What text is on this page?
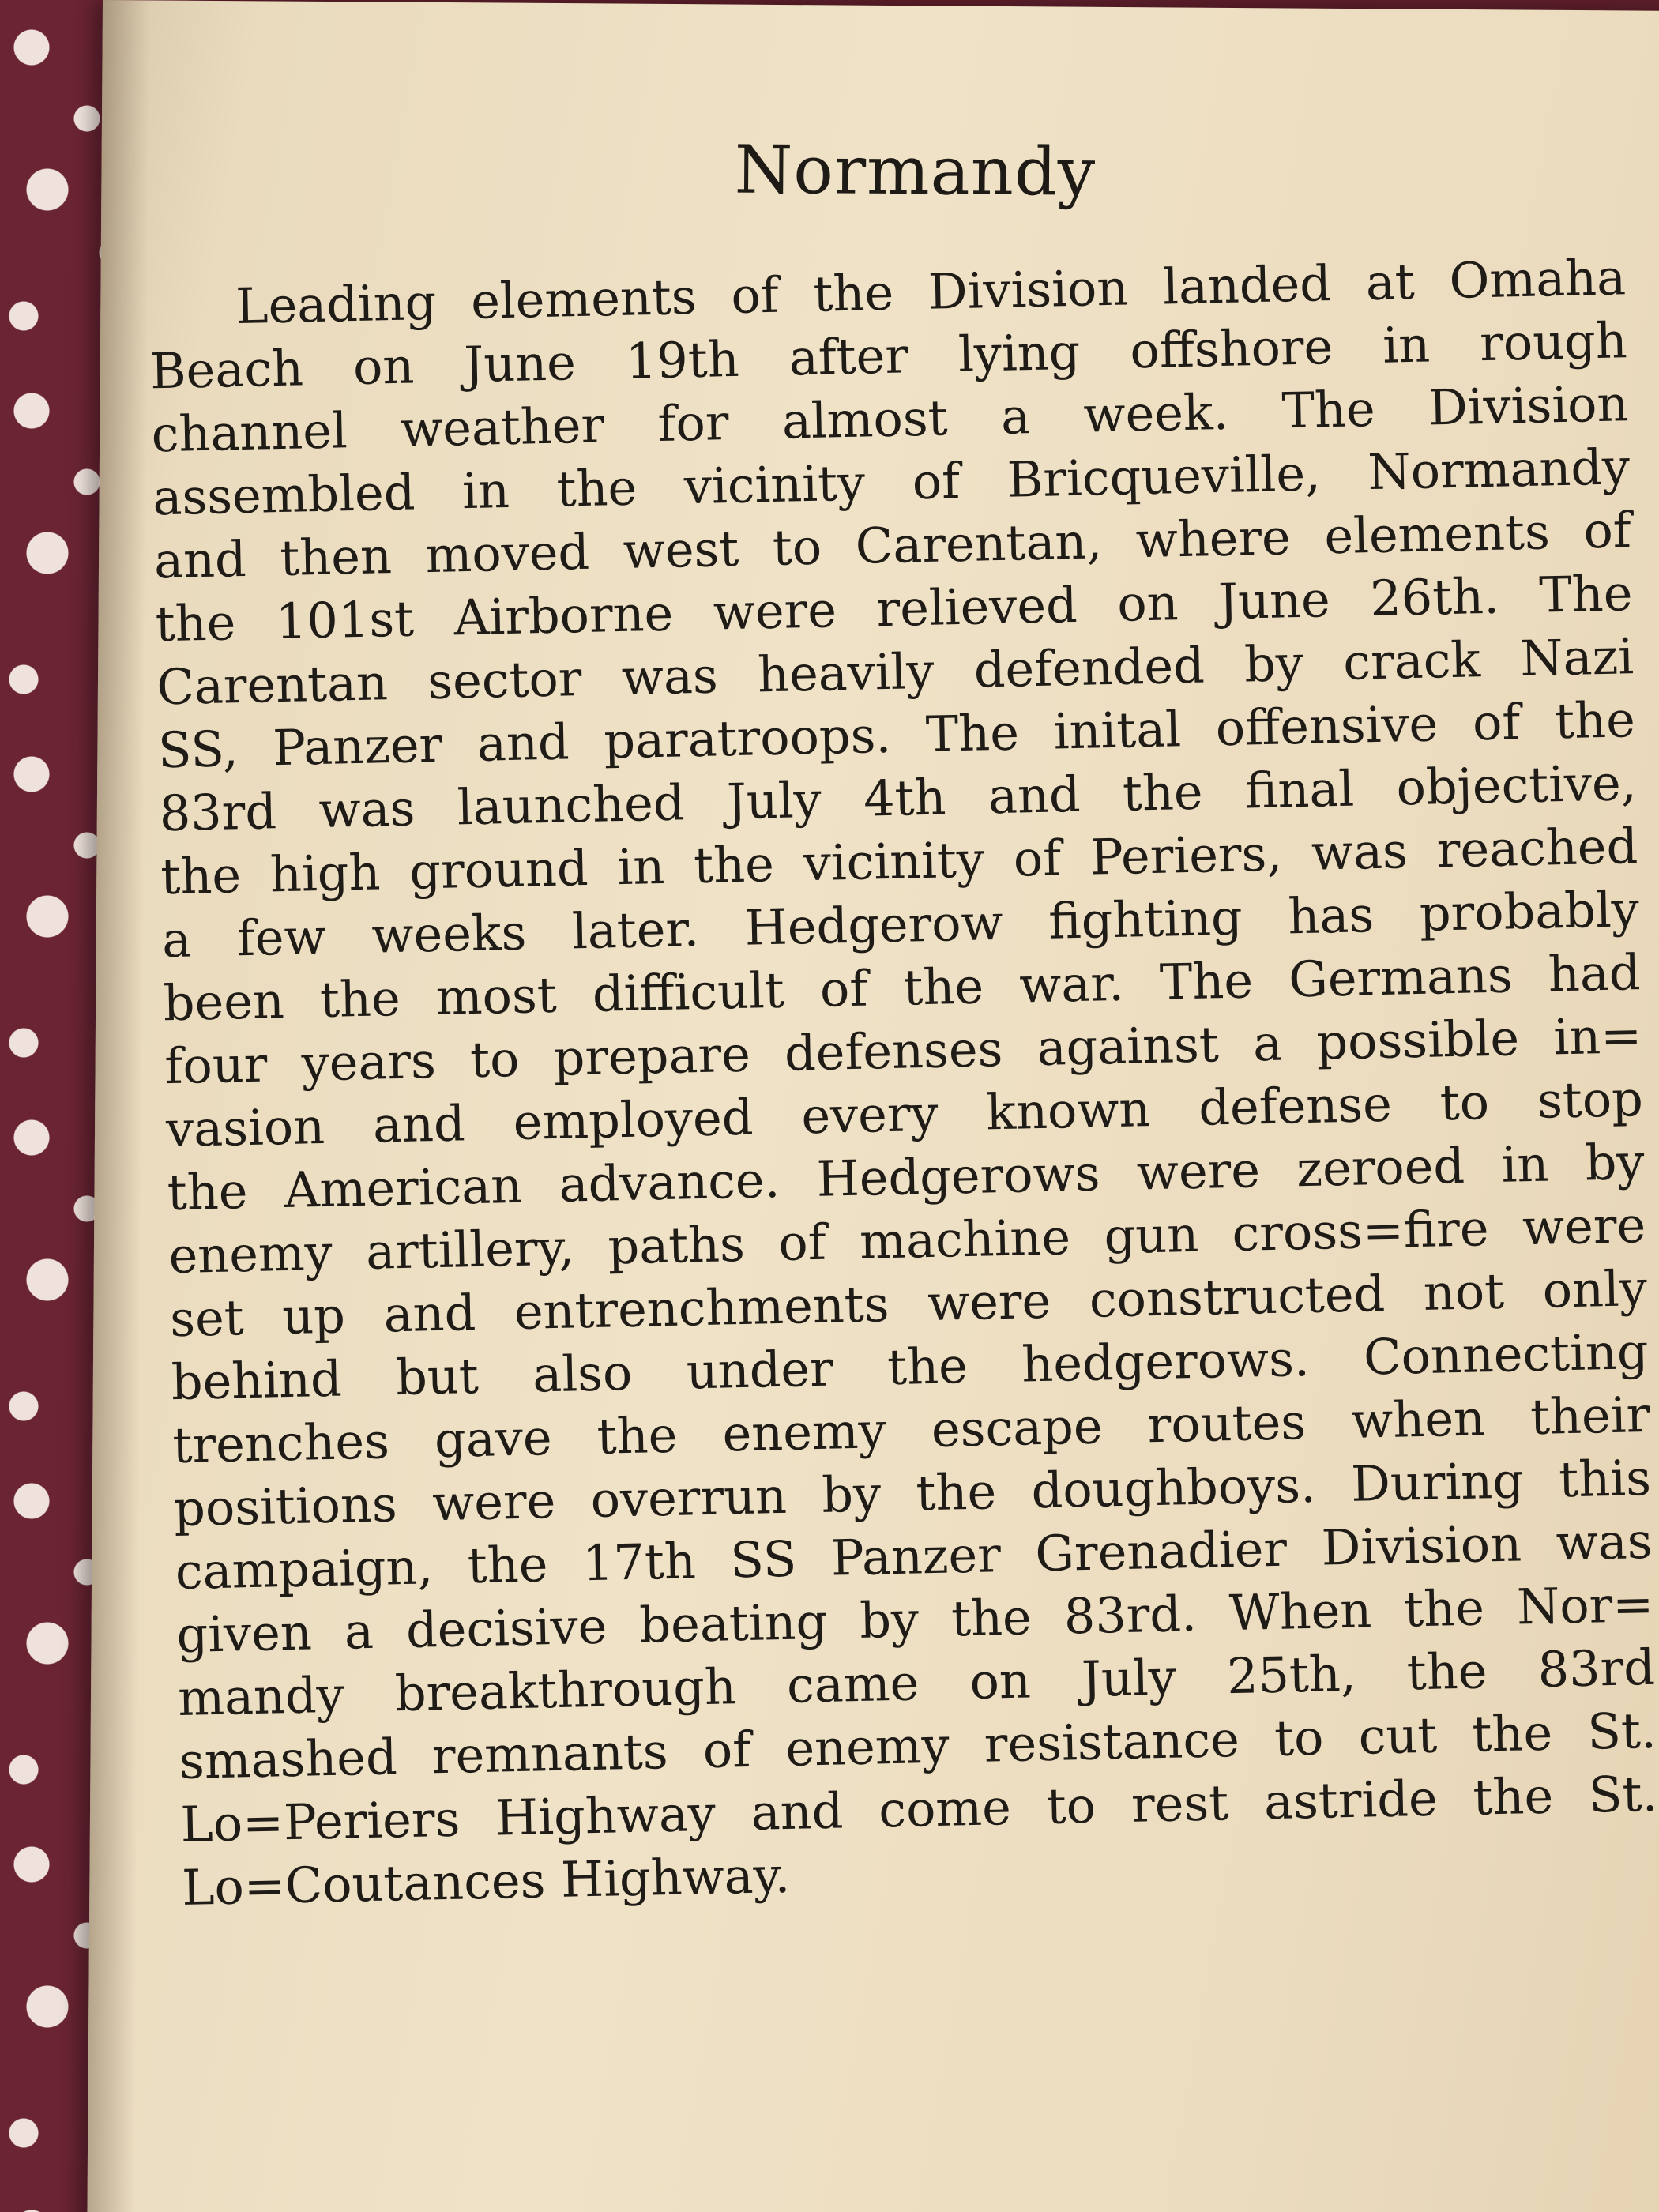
Normandy
Leading elements of the Division landed at Omaha
Beach on June 19th after lying offshore in rough
channel weather for almost a week. The Division
assembled in the vicinity of Bricqueville, Normandy
and then moved west to Carentan, where elements of
the 101st Airborne were relieved on June 26th. The
Carentan sector was heavily defended by crack Nazi
SS, Panzer and paratroops. The inital offensive of the
83rd was launched July 4th and the final objective,
the high ground in the vicinity of Periers, was reached
a few weeks later. Hedgerow fighting has probably
been the most difficult of the war. The Germans had
four years to prepare defenses against a possible in=
vasion and employed every known defense to stop
the American advance. Hedgerows were zeroed in by
enemy artillery, paths of machine gun cross=fire were
set up and entrenchments were constructed not only
behind but also under the hedgerows. Connecting
trenches gave the enemy escape routes when their
positions were overrun by the doughboys. During this
campaign, the 17th SS Panzer Grenadier Division was
given a decisive beating by the 83rd. When the Nor=
mandy breakthrough came on July 25th, the 83rd
smashed remnants of enemy resistance to cut the St.
Lo=Periers Highway and come to rest astride the St.
Lo=Coutances Highway.
